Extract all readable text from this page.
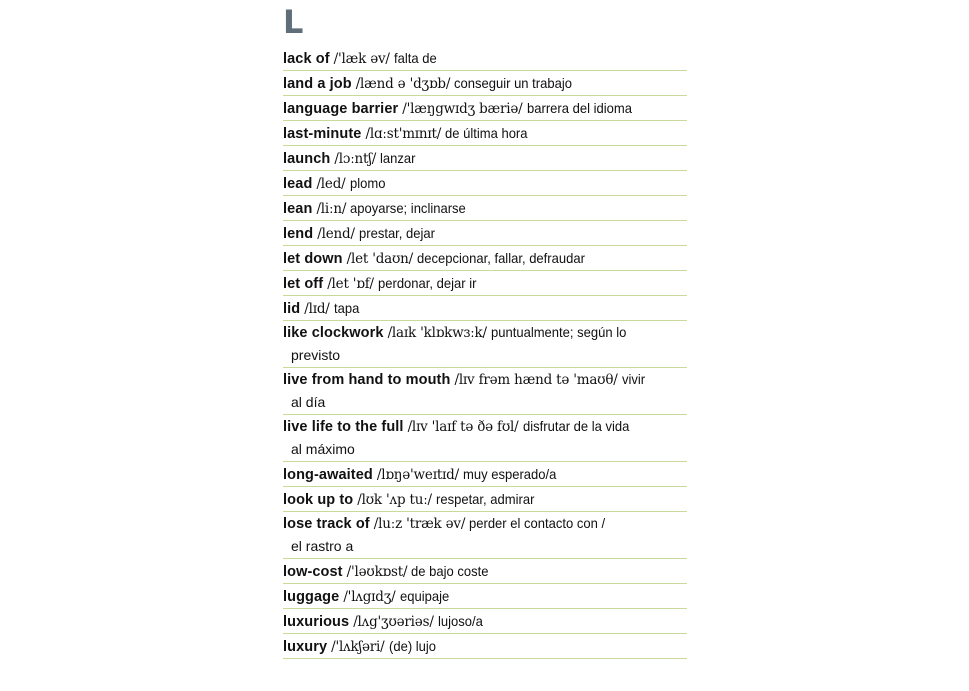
L
lack of /'læk əv/ falta de
land a job /lænd ə 'dʒɒb/ conseguir un trabajo
language barrier /'læŋgwɪdʒ bæriə/ barrera del idioma
last-minute /lɑːst'mɪnɪt/ de última hora
launch /lɔːntʃ/ lanzar
lead /led/ plomo
lean /liːn/ apoyarse; inclinarse
lend /lend/ prestar, dejar
let down /let 'daʊn/ decepcionar, fallar, defraudar
let off /let 'ɒf/ perdonar, dejar ir
lid /lɪd/ tapa
like clockwork /laɪk 'klɒkwɜːk/ puntualmente; según lo
previsto
live from hand to mouth /lɪv frəm hænd tə 'maʊθ/ vivir
al día
live life to the full /lɪv 'laɪf tə ðə fʊl/ disfrutar de la vida
al máximo
long-awaited /lɒŋə'weɪtɪd/ muy esperado/a
look up to /lʊk 'ʌp tuː/ respetar, admirar
lose track of /luːz 'træk əv/ perder el contacto con /
el rastro a
low-cost /'ləʊkɒst/ de bajo coste
luggage /'lʌgɪdʒ/ equipaje
luxurious /lʌg'ʒʊəriəs/ lujoso/a
luxury /'lʌkʃəri/ (de) lujo
